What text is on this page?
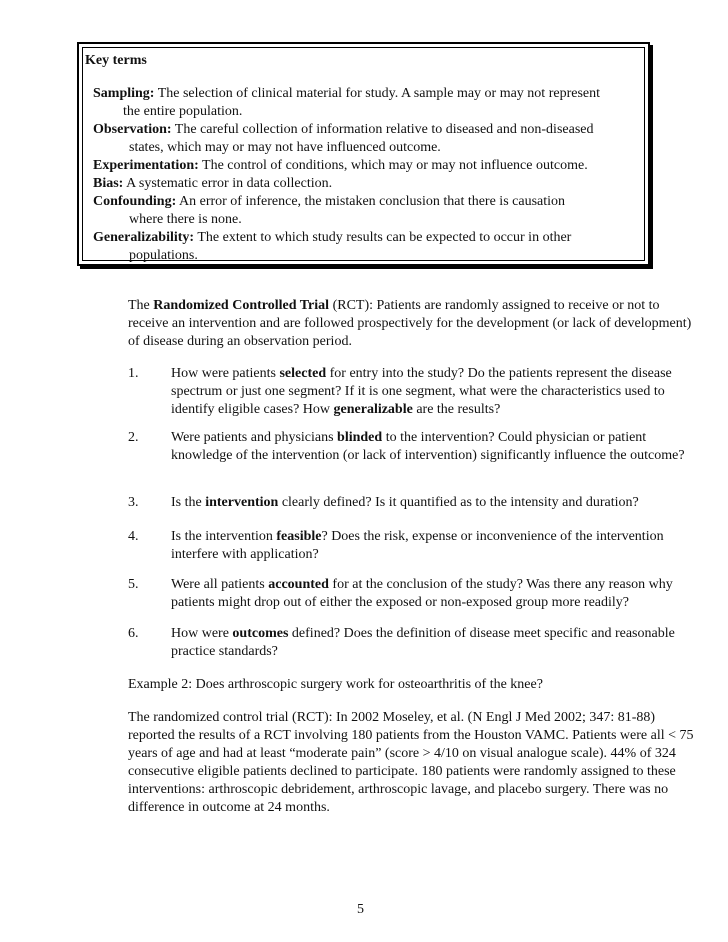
Key terms
Sampling: The selection of clinical material for study. A sample may or may not represent
the entire population.
Observation: The careful collection of information relative to diseased and non-diseased
states, which may or may not have influenced outcome.
Experimentation: The control of conditions, which may or may not influence outcome.
Bias: A systematic error in data collection.
Confounding: An error of inference, the mistaken conclusion that there is causation
where there is none.
Generalizability: The extent to which study results can be expected to occur in other
populations.
The Randomized Controlled Trial (RCT): Patients are randomly assigned to receive or not to receive an intervention and are followed prospectively for the development (or lack of development) of disease during an observation period.
1. How were patients selected for entry into the study? Do the patients represent the disease spectrum or just one segment? If it is one segment, what were the characteristics used to identify eligible cases? How generalizable are the results?
2. Were patients and physicians blinded to the intervention? Could physician or patient knowledge of the intervention (or lack of intervention) significantly influence the outcome?
3. Is the intervention clearly defined? Is it quantified as to the intensity and duration?
4. Is the intervention feasible? Does the risk, expense or inconvenience of the intervention interfere with application?
5. Were all patients accounted for at the conclusion of the study? Was there any reason why patients might drop out of either the exposed or non-exposed group more readily?
6. How were outcomes defined? Does the definition of disease meet specific and reasonable practice standards?
Example 2: Does arthroscopic surgery work for osteoarthritis of the knee?
The randomized control trial (RCT): In 2002 Moseley, et al. (N Engl J Med 2002; 347: 81-88) reported the results of a RCT involving 180 patients from the Houston VAMC. Patients were all < 75 years of age and had at least “moderate pain” (score > 4/10 on visual analogue scale). 44% of 324 consecutive eligible patients declined to participate. 180 patients were randomly assigned to these interventions: arthroscopic debridement, arthroscopic lavage, and placebo surgery. There was no difference in outcome at 24 months.
5
